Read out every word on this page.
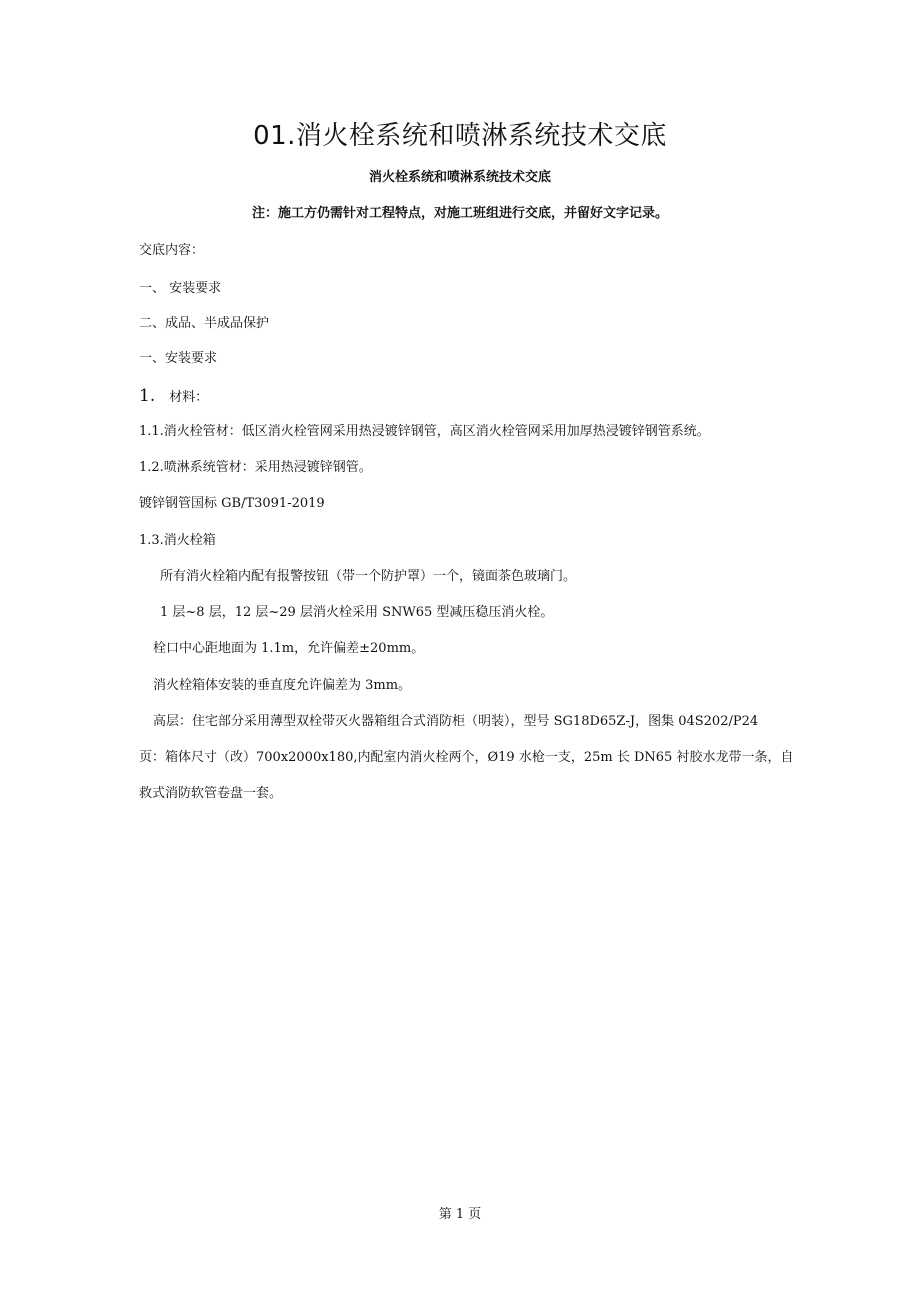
01.消火栓系统和喷淋系统技术交底
消火栓系统和喷淋系统技术交底
注：施工方仍需针对工程特点，对施工班组进行交底，并留好文字记录。
交底内容：
一、 安装要求
二、成品、半成品保护
一、安装要求
1. 材料：
1.1.消火栓管材：低区消火栓管网采用热浸镀锌钢管，高区消火栓管网采用加厚热浸镀锌钢管系统。
1.2.喷淋系统管材：采用热浸镀锌钢管。
镀锌钢管国标 GB/T3091-2019
1.3.消火栓箱
所有消火栓箱内配有报警按钮（带一个防护罩）一个，镜面茶色玻璃门。
1 层~8 层，12 层~29 层消火栓采用 SNW65 型减压稳压消火栓。
栓口中心距地面为 1.1m，允许偏差±20mm。
消火栓箱体安装的垂直度允许偏差为 3mm。
高层：住宅部分采用薄型双栓带灭火器箱组合式消防柜（明装），型号 SG18D65Z-J，图集 04S202/P24
页：箱体尺寸（改）700x2000x180,内配室内消火栓两个，Ø19 水枪一支，25m 长 DN65 衬胶水龙带一条，自
救式消防软管卷盘一套。
第 1 页
